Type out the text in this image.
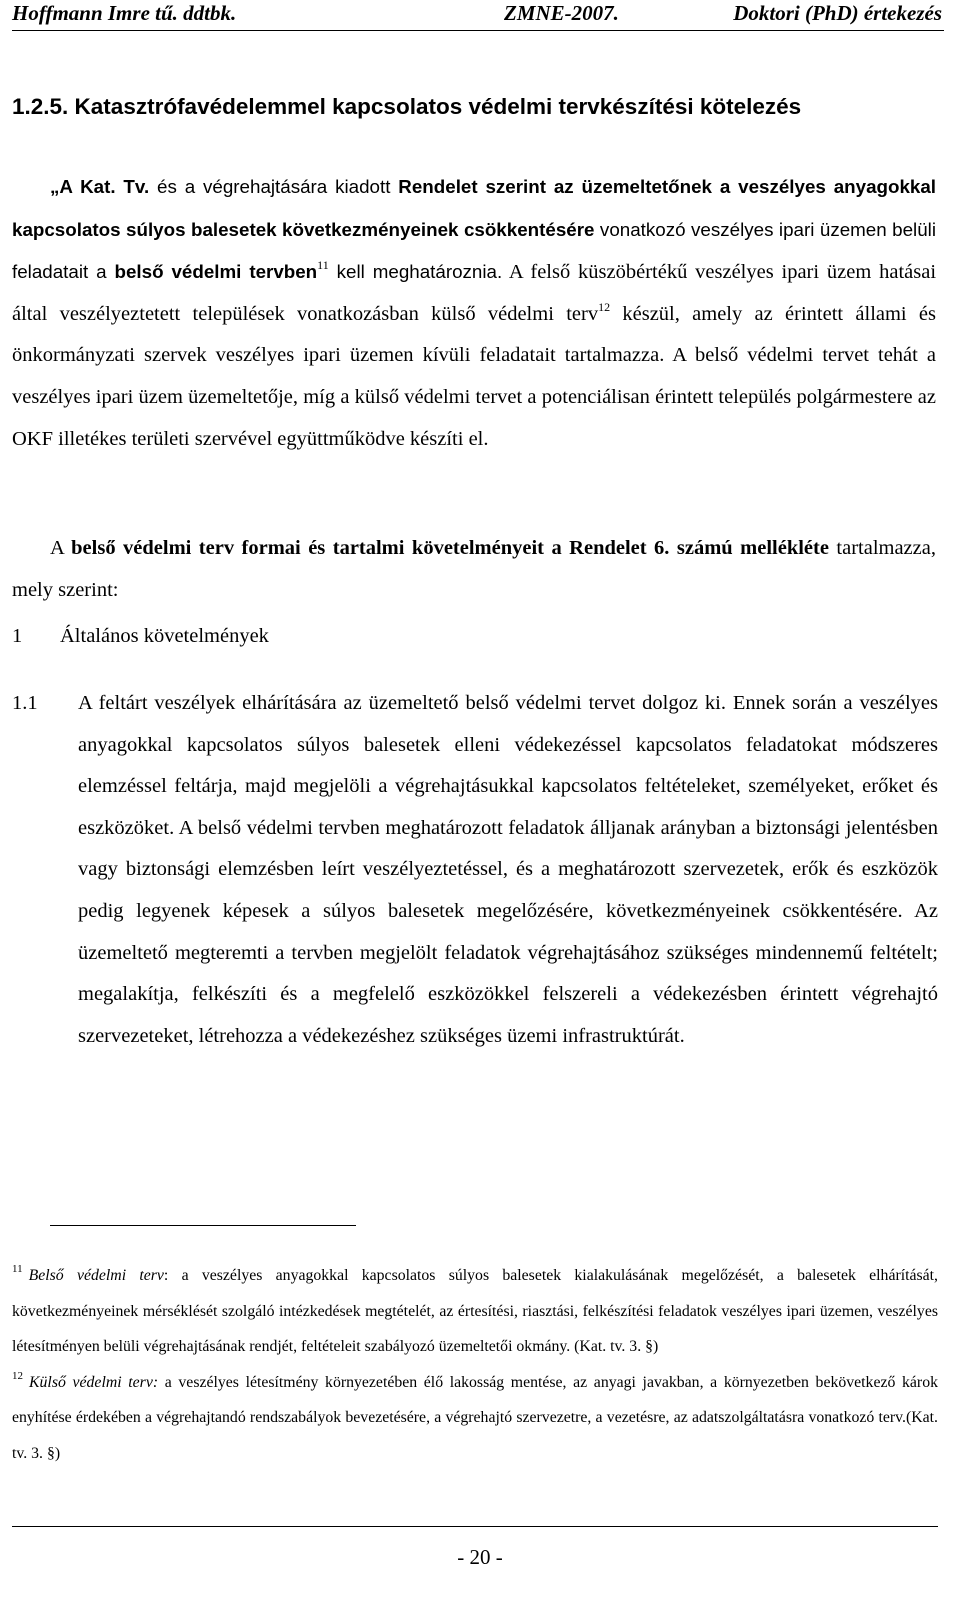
Hoffmann Imre tű. ddtbk.	ZMNE-2007.	Doktori (PhD) értekezés
1.2.5. Katasztrófavédelemmel kapcsolatos védelmi tervkészítési kötelezés
„A Kat. Tv. és a végrehajtására kiadott Rendelet szerint az üzemeltetőnek a veszélyes anyagokkal kapcsolatos súlyos balesetek következményeinek csökkentésére vonatkozó veszélyes ipari üzemen belüli feladatait a belső védelmi tervben$^{11}$ kell meghatároznia. A felső küszöbértékű veszélyes ipari üzem hatásai által veszélyeztetett települések vonatkozásban külső védelmi terv$^{12}$ készül, amely az érintett állami és önkormányzati szervek veszélyes ipari üzemen kívüli feladatait tartalmazza. A belső védelmi tervet tehát a veszélyes ipari üzem üzemeltetője, míg a külső védelmi tervet a potenciálisan érintett település polgármestere az OKF illetékes területi szervével együttműködve készíti el.
A belső védelmi terv formai és tartalmi követelményeit a Rendelet 6. számú mellékléte tartalmazza, mely szerint:
1 Általános követelmények
1.1 A feltárt veszélyek elhárítására az üzemeltető belső védelmi tervet dolgoz ki. Ennek során a veszélyes anyagokkal kapcsolatos súlyos balesetek elleni védekezéssel kapcsolatos feladatokat módszeres elemzéssel feltárja, majd megjelöli a végrehajtásukkal kapcsolatos feltételeket, személyeket, erőket és eszközöket. A belső védelmi tervben meghatározott feladatok álljanak arányban a biztonsági jelentésben vagy biztonsági elemzésben leírt veszélyeztetéssel, és a meghatározott szervezetek, erők és eszközök pedig legyenek képesek a súlyos balesetek megelőzésére, következményeinek csökkentésére. Az üzemeltető megteremti a tervben megjelölt feladatok végrehajtásához szükséges mindennemű feltételt; megalakítja, felkészíti és a megfelelő eszközökkel felszereli a védekezésben érintett végrehajtó szervezeteket, létrehozza a védekezéshez szükséges üzemi infrastruktúrát.

$^{11}$ Belső védelmi terv: a veszélyes anyagokkal kapcsolatos súlyos balesetek kialakulásának megelőzését, a balesetek elhárítását, következményeinek mérséklését szolgáló intézkedések megtételét, az értesítési, riasztási, felkészítési feladatok veszélyes ipari üzemen, veszélyes létesítményen belüli végrehajtásának rendjét, feltételeit szabályozó üzemeltetői okmány. (Kat. tv. 3. §)

$^{12}$ Külső védelmi terv: a veszélyes létesítmény környezetében élő lakosság mentése, az anyagi javakban, a környezetben bekövetkező károk enyhítése érdekében a végrehajtandó rendszabályok bevezetésére, a végrehajtó szervezetre, a vezetésre, az adatszolgáltatásra vonatkozó terv.(Kat. tv. 3. §)

- 20 -
